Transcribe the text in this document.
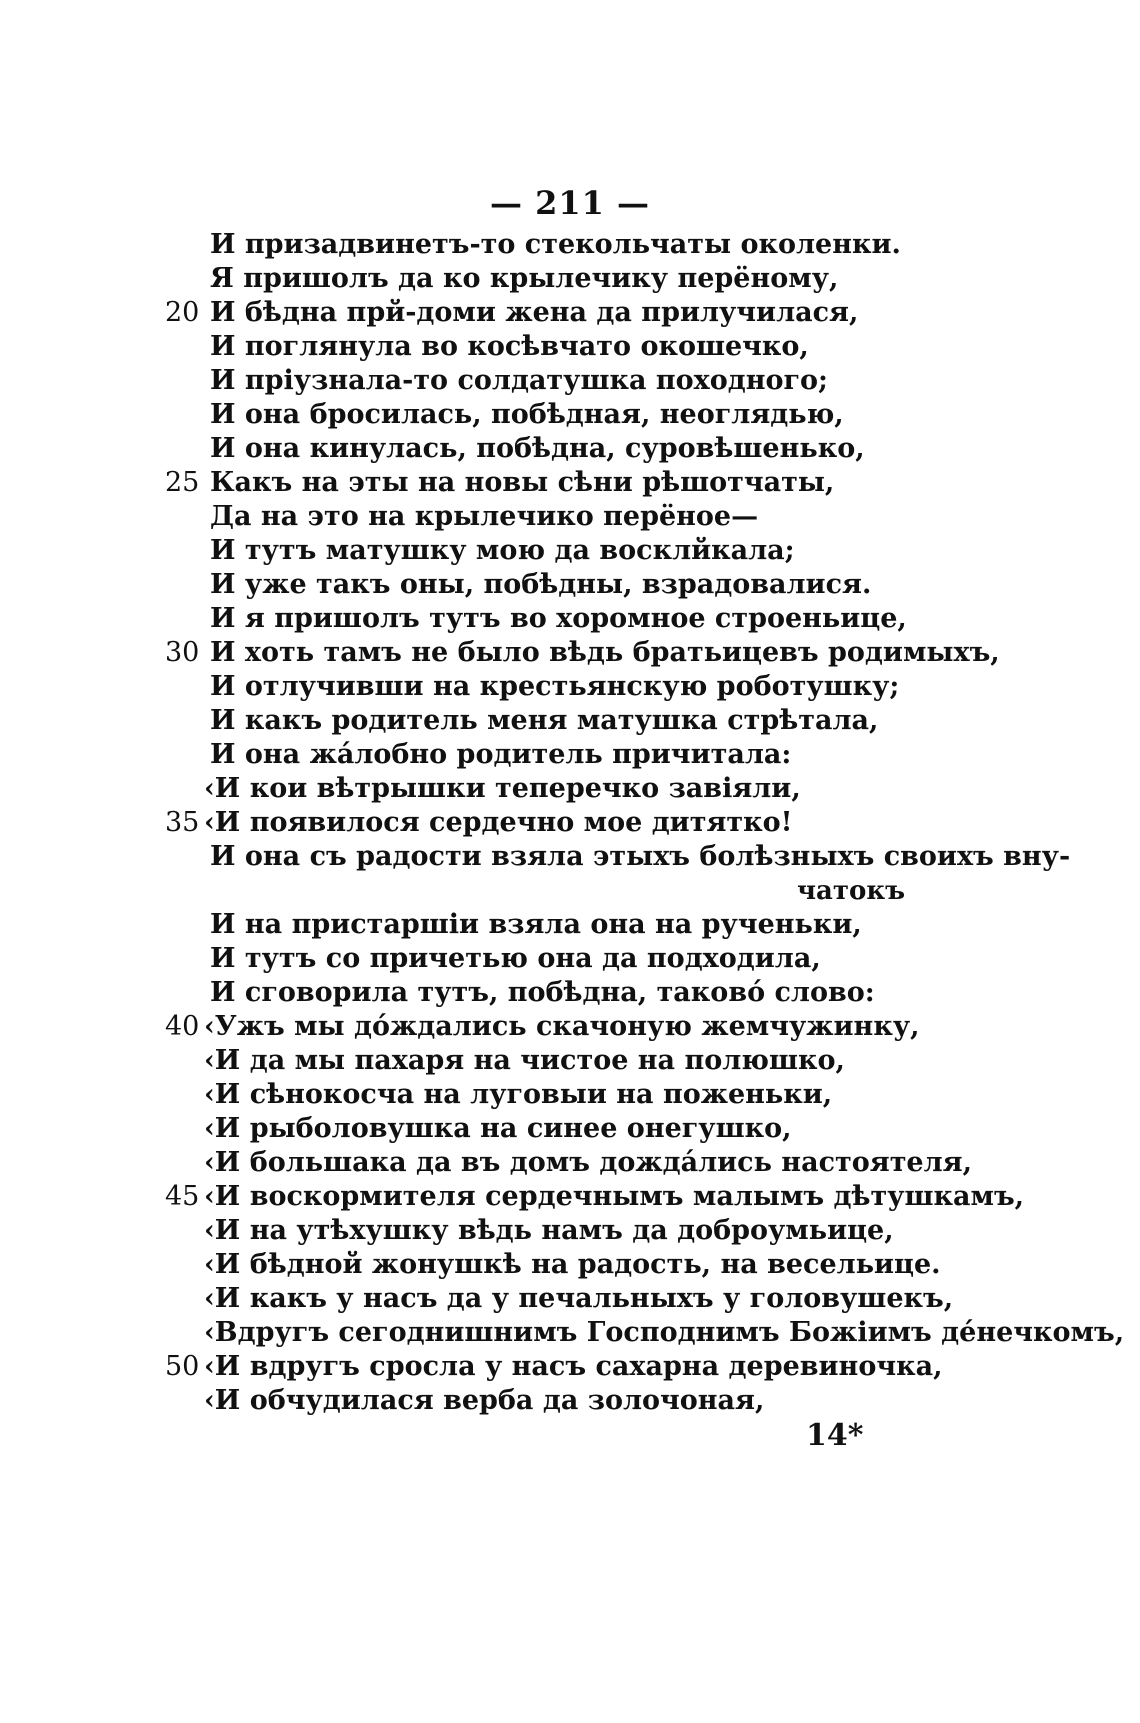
— 211 —
И призадвинетъ-то стекольчаты околенки.
Я пришолъ да ко крылечику перёному,
20 И бѣдна прй-доми жена да прилучилася,
И поглянула во косѣвчато окошечко,
И прiузнала-то солдатушка походного;
И она бросилась, побѣдная, неoглядью,
И она кинулась, побѣдна, суровѣшенько,
25 Какъ на эты на новы сѣни рѣшотчаты,
Да на это на крылечико перёное—
И тутъ матушку мою да восклйкала;
И уже такъ оны, побѣдны, взрадовалися.
И я пришолъ тутъ во хоромное строеньице,
30 И хоть тамъ не было вѣдь братьицевъ родимыхъ,
И отлучивши на крестьянскую роботушку;
И какъ родитель меня матушка стрѣтала,
И она жáлобно родитель причитала:
‹И кои вѣтрышки теперечко завiяли,
35 ‹И появилося сердечно мое дитятко!
И она съ радости взяла этыхъ болѣзныхъ своихъ вну-
чатокъ
И на пристаршiи взяла она на рученьки,
И тутъ со причетью она да подходила,
И сговорила тутъ, побѣдна, таковó слово:
40 ‹Ужъ мы дóждались скачоную жемчужинку,
‹И да мы пахаря на чистое на полюшко,
‹И сѣнокосча на луговыи на поженьки,
‹И рыболовушка на синее онегушко,
‹И большака да въ домъ дождáлись настоятеля,
45 ‹И воскормителя сердечнымъ малымъ дѣтушкамъ,
‹И на утѣхушку вѣдь намъ да доброумьице,
‹И бѣдной жонушкѣ на радость, на весельице.
‹И какъ у насъ да у печальныхъ у головушекъ,
‹Вдругъ сегоднишнимъ Господнимъ Божiимъ дéнечкомъ,
50 ‹И вдругъ сросла у насъ сахарна деревиночка,
‹И обчудилася верба да золочоная,
14*
